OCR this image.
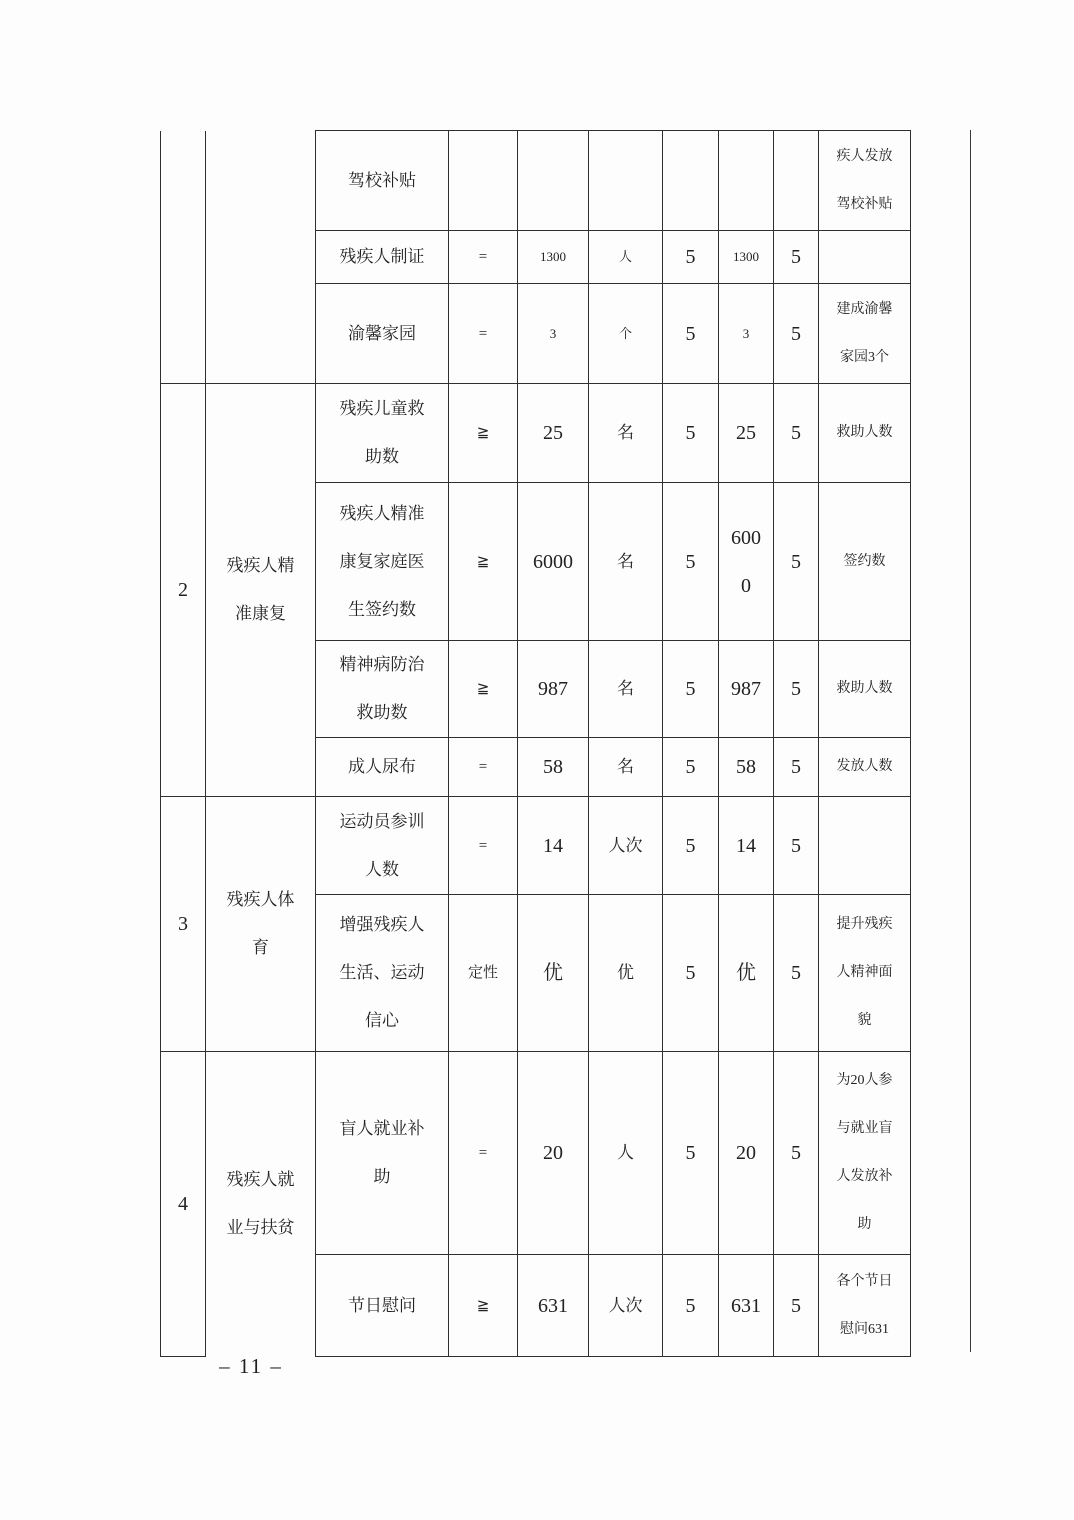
		驾校补贴							疾人发放驾校补贴
		残疾人制证	=	1300	人	5	1300	5	
		渝馨家园	=	3	个	5	3	5	建成渝馨家园3个
2	残疾人精准康复	残疾儿童救助数	≧	25	名	5	25	5	救助人数
		残疾人精准康复家庭医生签约数	≧	6000	名	5	6000	5	签约数
		精神病防治救助数	≧	987	名	5	987	5	救助人数
		成人尿布	=	58	名	5	58	5	发放人数
3	残疾人体育	运动员参训人数	=	14	人次	5	14	5	
		增强残疾人生活、运动信心	定性	优	优	5	优	5	提升残疾人精神面貌
4	残疾人就业与扶贫	盲人就业补助	=	20	人	5	20	5	为20人参与就业盲人发放补助
		节日慰问	≧	631	人次	5	631	5	各个节日慰问631
– 11 –
